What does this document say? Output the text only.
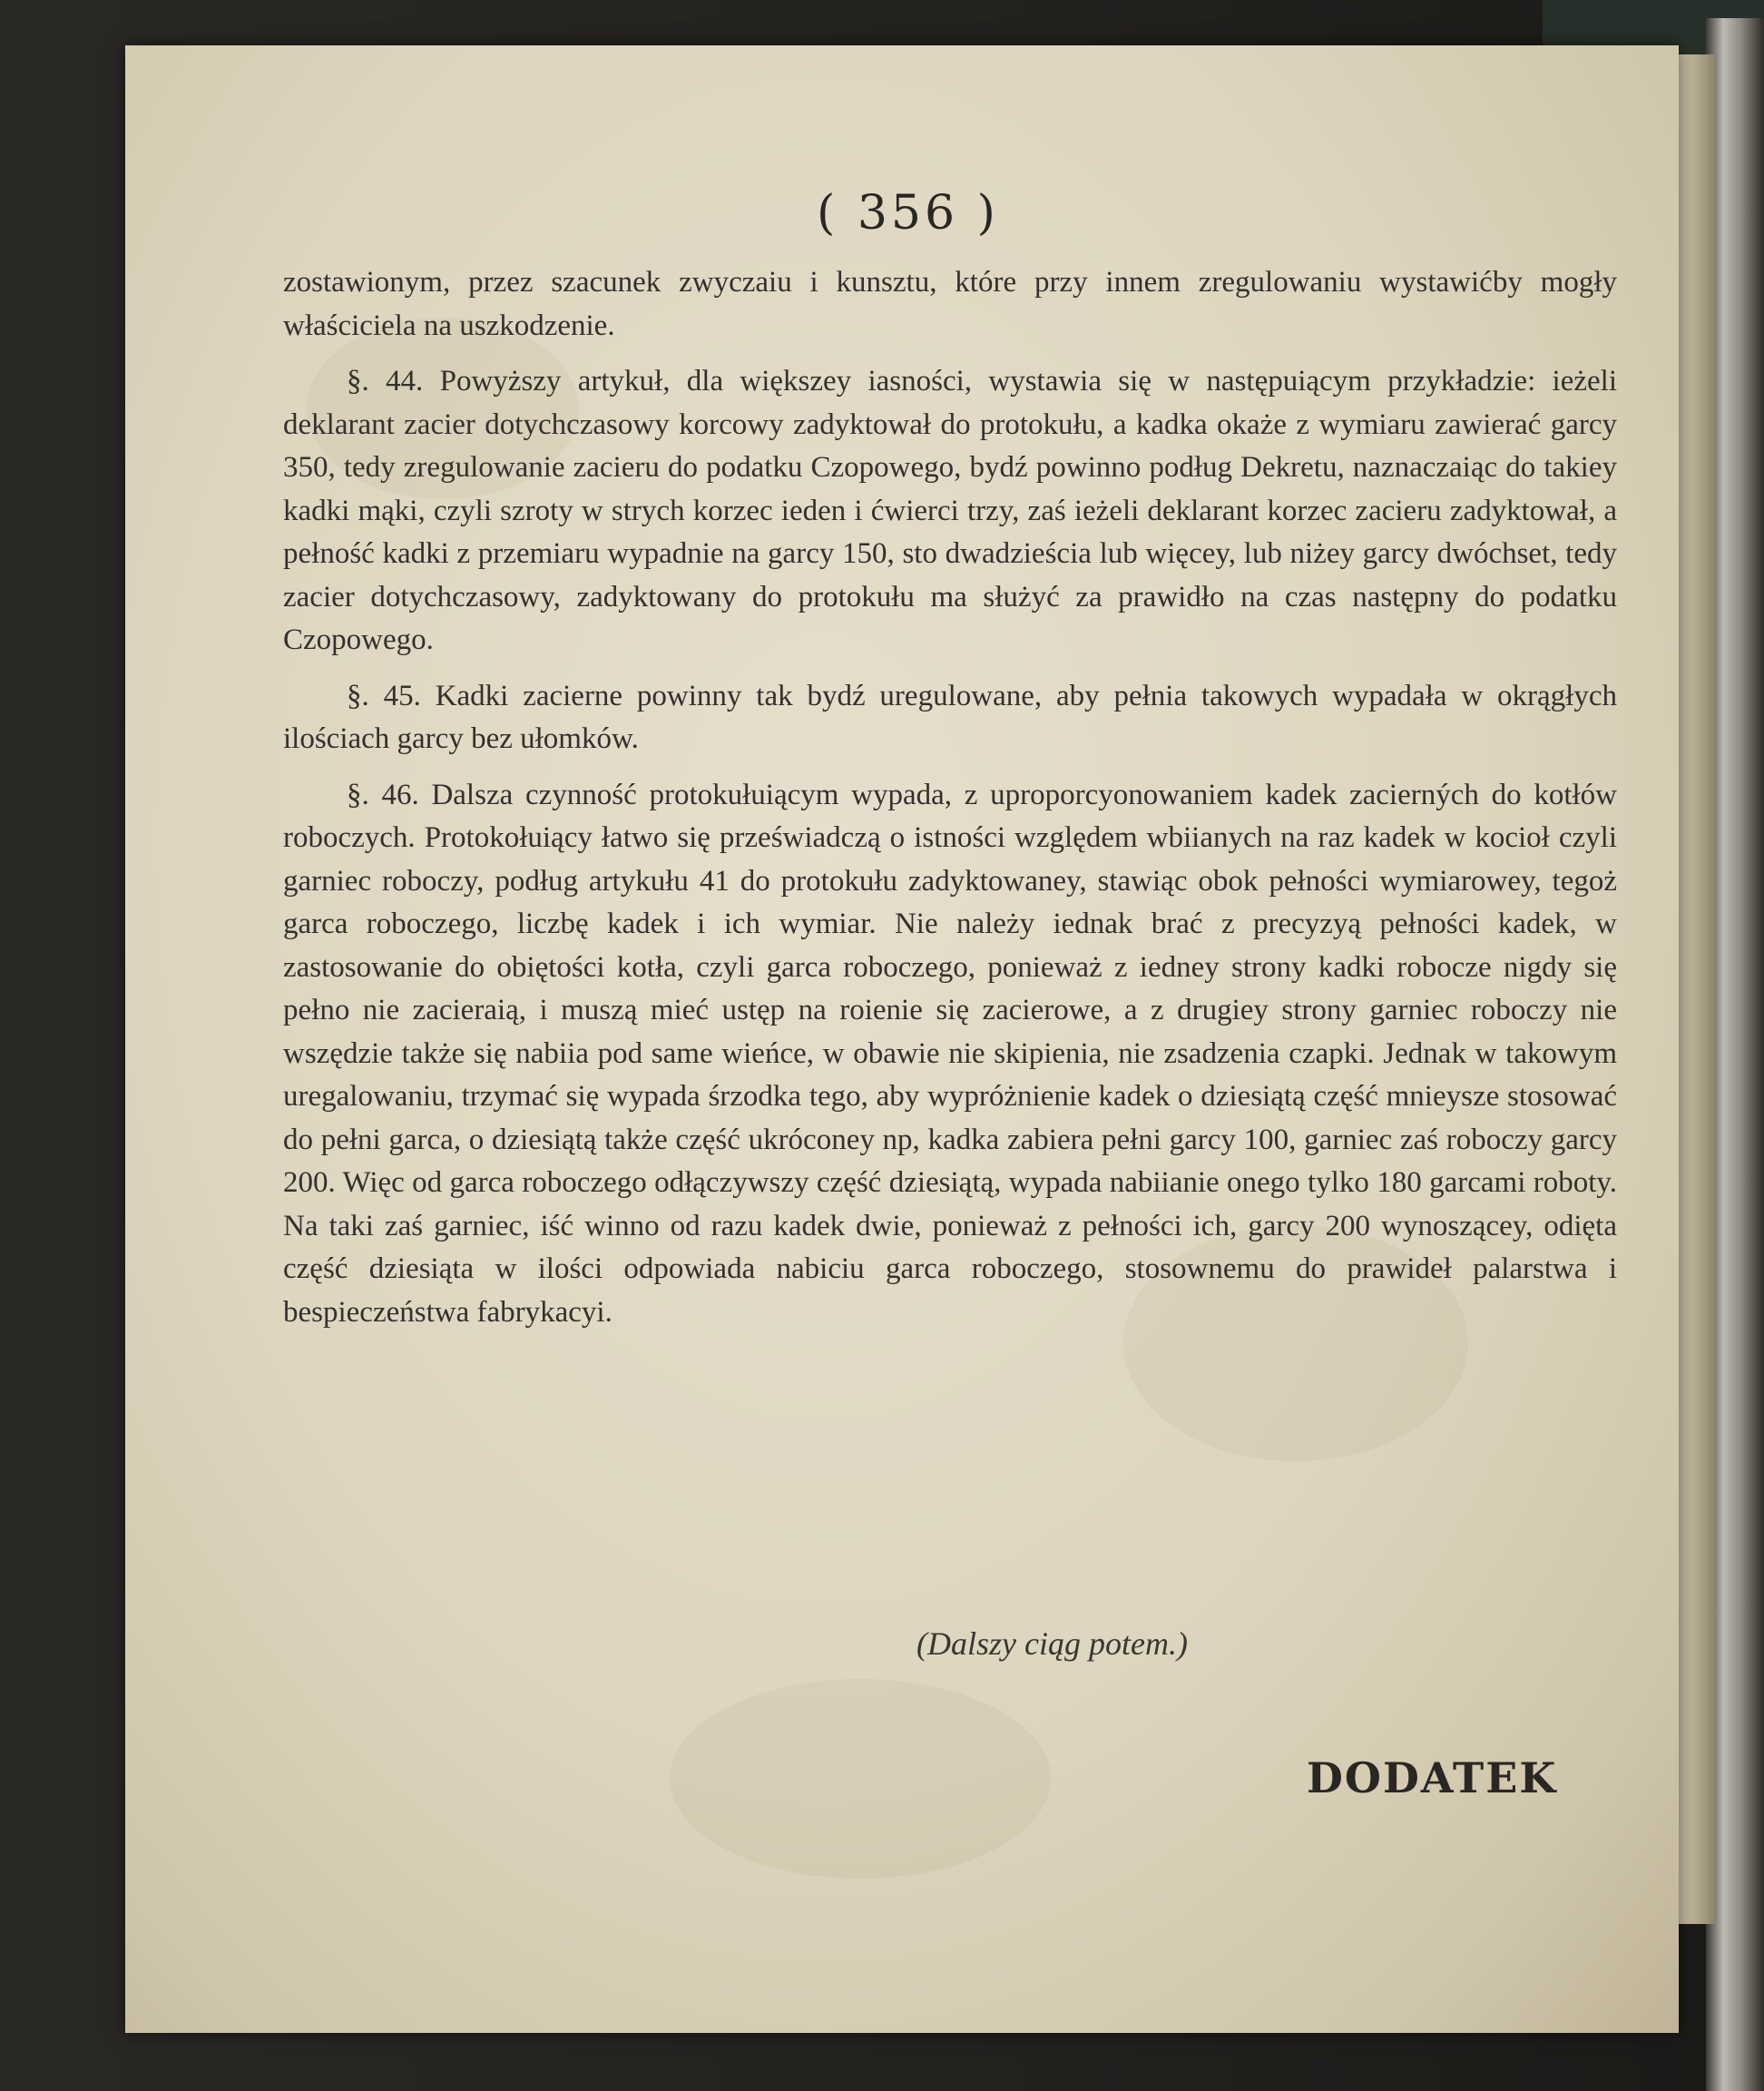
( 356 )

zostawionym, przez szacunek zwyczaiu i kunsztu, które przy innem zregulowaniu wystawićby mogły właściciela na uszkodzenie.

§. 44. Powyższy artykuł, dla większey iasności, wystawia się w następuiącym przykładzie: ieżeli deklarant zacier dotychczasowy korcowy zadyktował do protokułu, a kadka okaże z wymiaru zawierać garcy 350, tedy zregulowanie zacieru do podatku Czopowego, bydź powinno podług Dekretu, naznaczaiąc do takiey kadki mąki, czyli szroty w strych korzec ieden i ćwierci trzy, zaś ieżeli deklarant korzec zacieru zadyktował, a pełność kadki z przemiaru wypadnie na garcy 150, sto dwadzieścia lub więcey, lub niżey garcy dwóchset, tedy zacier dotychczasowy, zadyktowany do protokułu ma służyć za prawidło na czas następny do podatku Czopowego.

§. 45. Kadki zacierne powinny tak bydź uregulowane, aby pełnia takowych wypadała w okrągłych ilościach garcy bez ułomków.

§. 46. Dalsza czynność protokułuiącym wypada, z uproporcyonowaniem kadek zacierných do kotłów roboczych. Protokołuiący łatwo się przeświadczą o istności względem wbiianych na raz kadek w kocioł czyli garniec roboczy, podług artykułu 41 do protokułu zadyktowaney, stawiąc obok pełności wymiarowey, tegoż garca roboczego, liczbę kadek i ich wymiar. Nie należy iednak brać z precyzyą pełności kadek, w zastosowanie do obiętości kotła, czyli garca roboczego, ponieważ z iedney strony kadki robocze nigdy się pełno nie zacieraią, i muszą mieć ustęp na roienie się zacierowe, a z drugiey strony garniec roboczy nie wszędzie także się nabiia pod same wieńce, w obawie nie skipienia, nie zsadzenia czapki. Jednak w takowym uregalowaniu, trzymać się wypada śrzodka tego, aby wypróżnienie kadek o dziesiątą część mnieysze stosować do pełni garca, o dziesiątą także część ukróconey np, kadka zabiera pełni garcy 100, garniec zaś roboczy garcy 200. Więc od garca roboczego odłączywszy część dziesiątą, wypada nabiianie onego tylko 180 garcami roboty. Na taki zaś garniec, iść winno od razu kadek dwie, ponieważ z pełności ich, garcy 200 wynoszącey, odięta część dziesiąta w ilości odpowiada nabiciu garca roboczego, stosownemu do prawideł palarstwa i bespieczeństwa fabrykacyi.

(Dalszy ciąg potem.)
DODATEK
